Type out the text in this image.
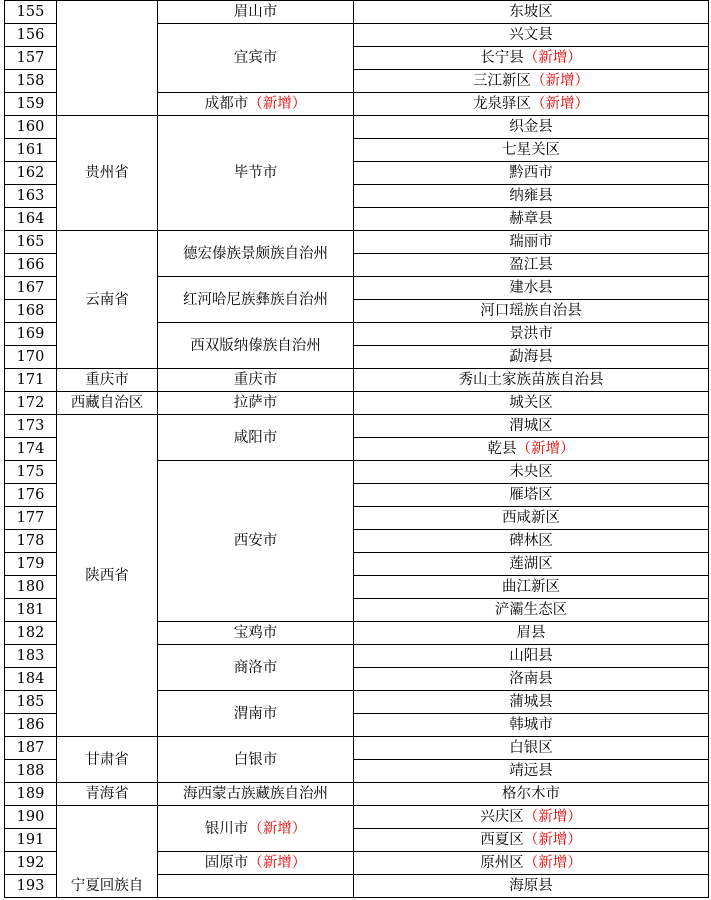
155		眉山市	东坡区
156		宜宾市	兴文县
157			长宁县（新增）
158			三江新区（新增）
159		成都市（新增）	龙泉驿区（新增）
160	贵州省	毕节市	织金县
161			七星关区
162			黔西市
163			纳雍县
164			赫章县
165	云南省	德宏傣族景颇族自治州	瑞丽市
166			盈江县
167		红河哈尼族彝族自治州	建水县
168			河口瑶族自治县
169		西双版纳傣族自治州	景洪市
170			勐海县
171	重庆市	重庆市	秀山土家族苗族自治县
172	西藏自治区	拉萨市	城关区
173	陕西省	咸阳市	渭城区
174			乾县（新增）
175		西安市	未央区
176			雁塔区
177			西咸新区
178			碑林区
179			莲湖区
180			曲江新区
181			浐灞生态区
182		宝鸡市	眉县
183		商洛市	山阳县
184			洛南县
185		渭南市	蒲城县
186			韩城市
187	甘肃省	白银市	白银区
188			靖远县
189	青海省	海西蒙古族藏族自治州	格尔木市
190	宁夏回族自	银川市（新增）	兴庆区（新增）
191			西夏区（新增）
192		固原市（新增）	原州区（新增）
193			海原县
